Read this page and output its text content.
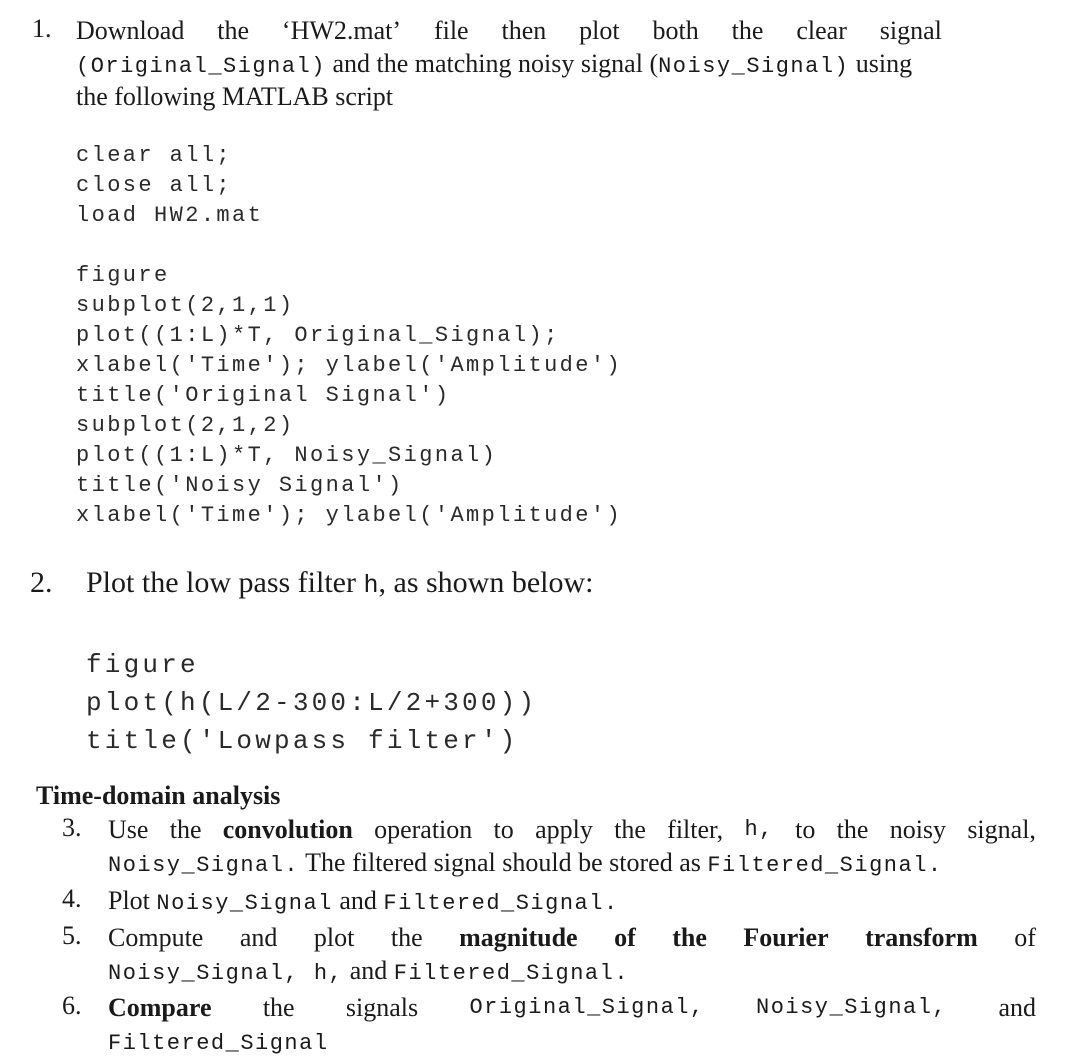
1. Download the ‘HW2.mat’ file then plot both the clear signal
(Original_Signal) and the matching noisy signal (Noisy_Signal) using
the following MATLAB script
clear all;
close all;
load HW2.mat
figure
subplot(2,1,1)
plot((1:L)*T, Original_Signal);
xlabel('Time'); ylabel('Amplitude')
title('Original Signal')
subplot(2,1,2)
plot((1:L)*T, Noisy_Signal)
title('Noisy Signal')
xlabel('Time'); ylabel('Amplitude')
2. Plot the low pass filter h, as shown below:
figure
plot(h(L/2-300:L/2+300))
title('Lowpass filter')
Time-domain analysis
3. Use the convolution operation to apply the filter, h, to the noisy signal,
Noisy_Signal. The filtered signal should be stored as Filtered_Signal.
4. Plot Noisy_Signal and Filtered_Signal.
5. Compute and plot the magnitude of the Fourier transform of
Noisy_Signal, h, and Filtered_Signal.
6. Compare the signals Original_Signal, Noisy_Signal, and
Filtered_Signal
